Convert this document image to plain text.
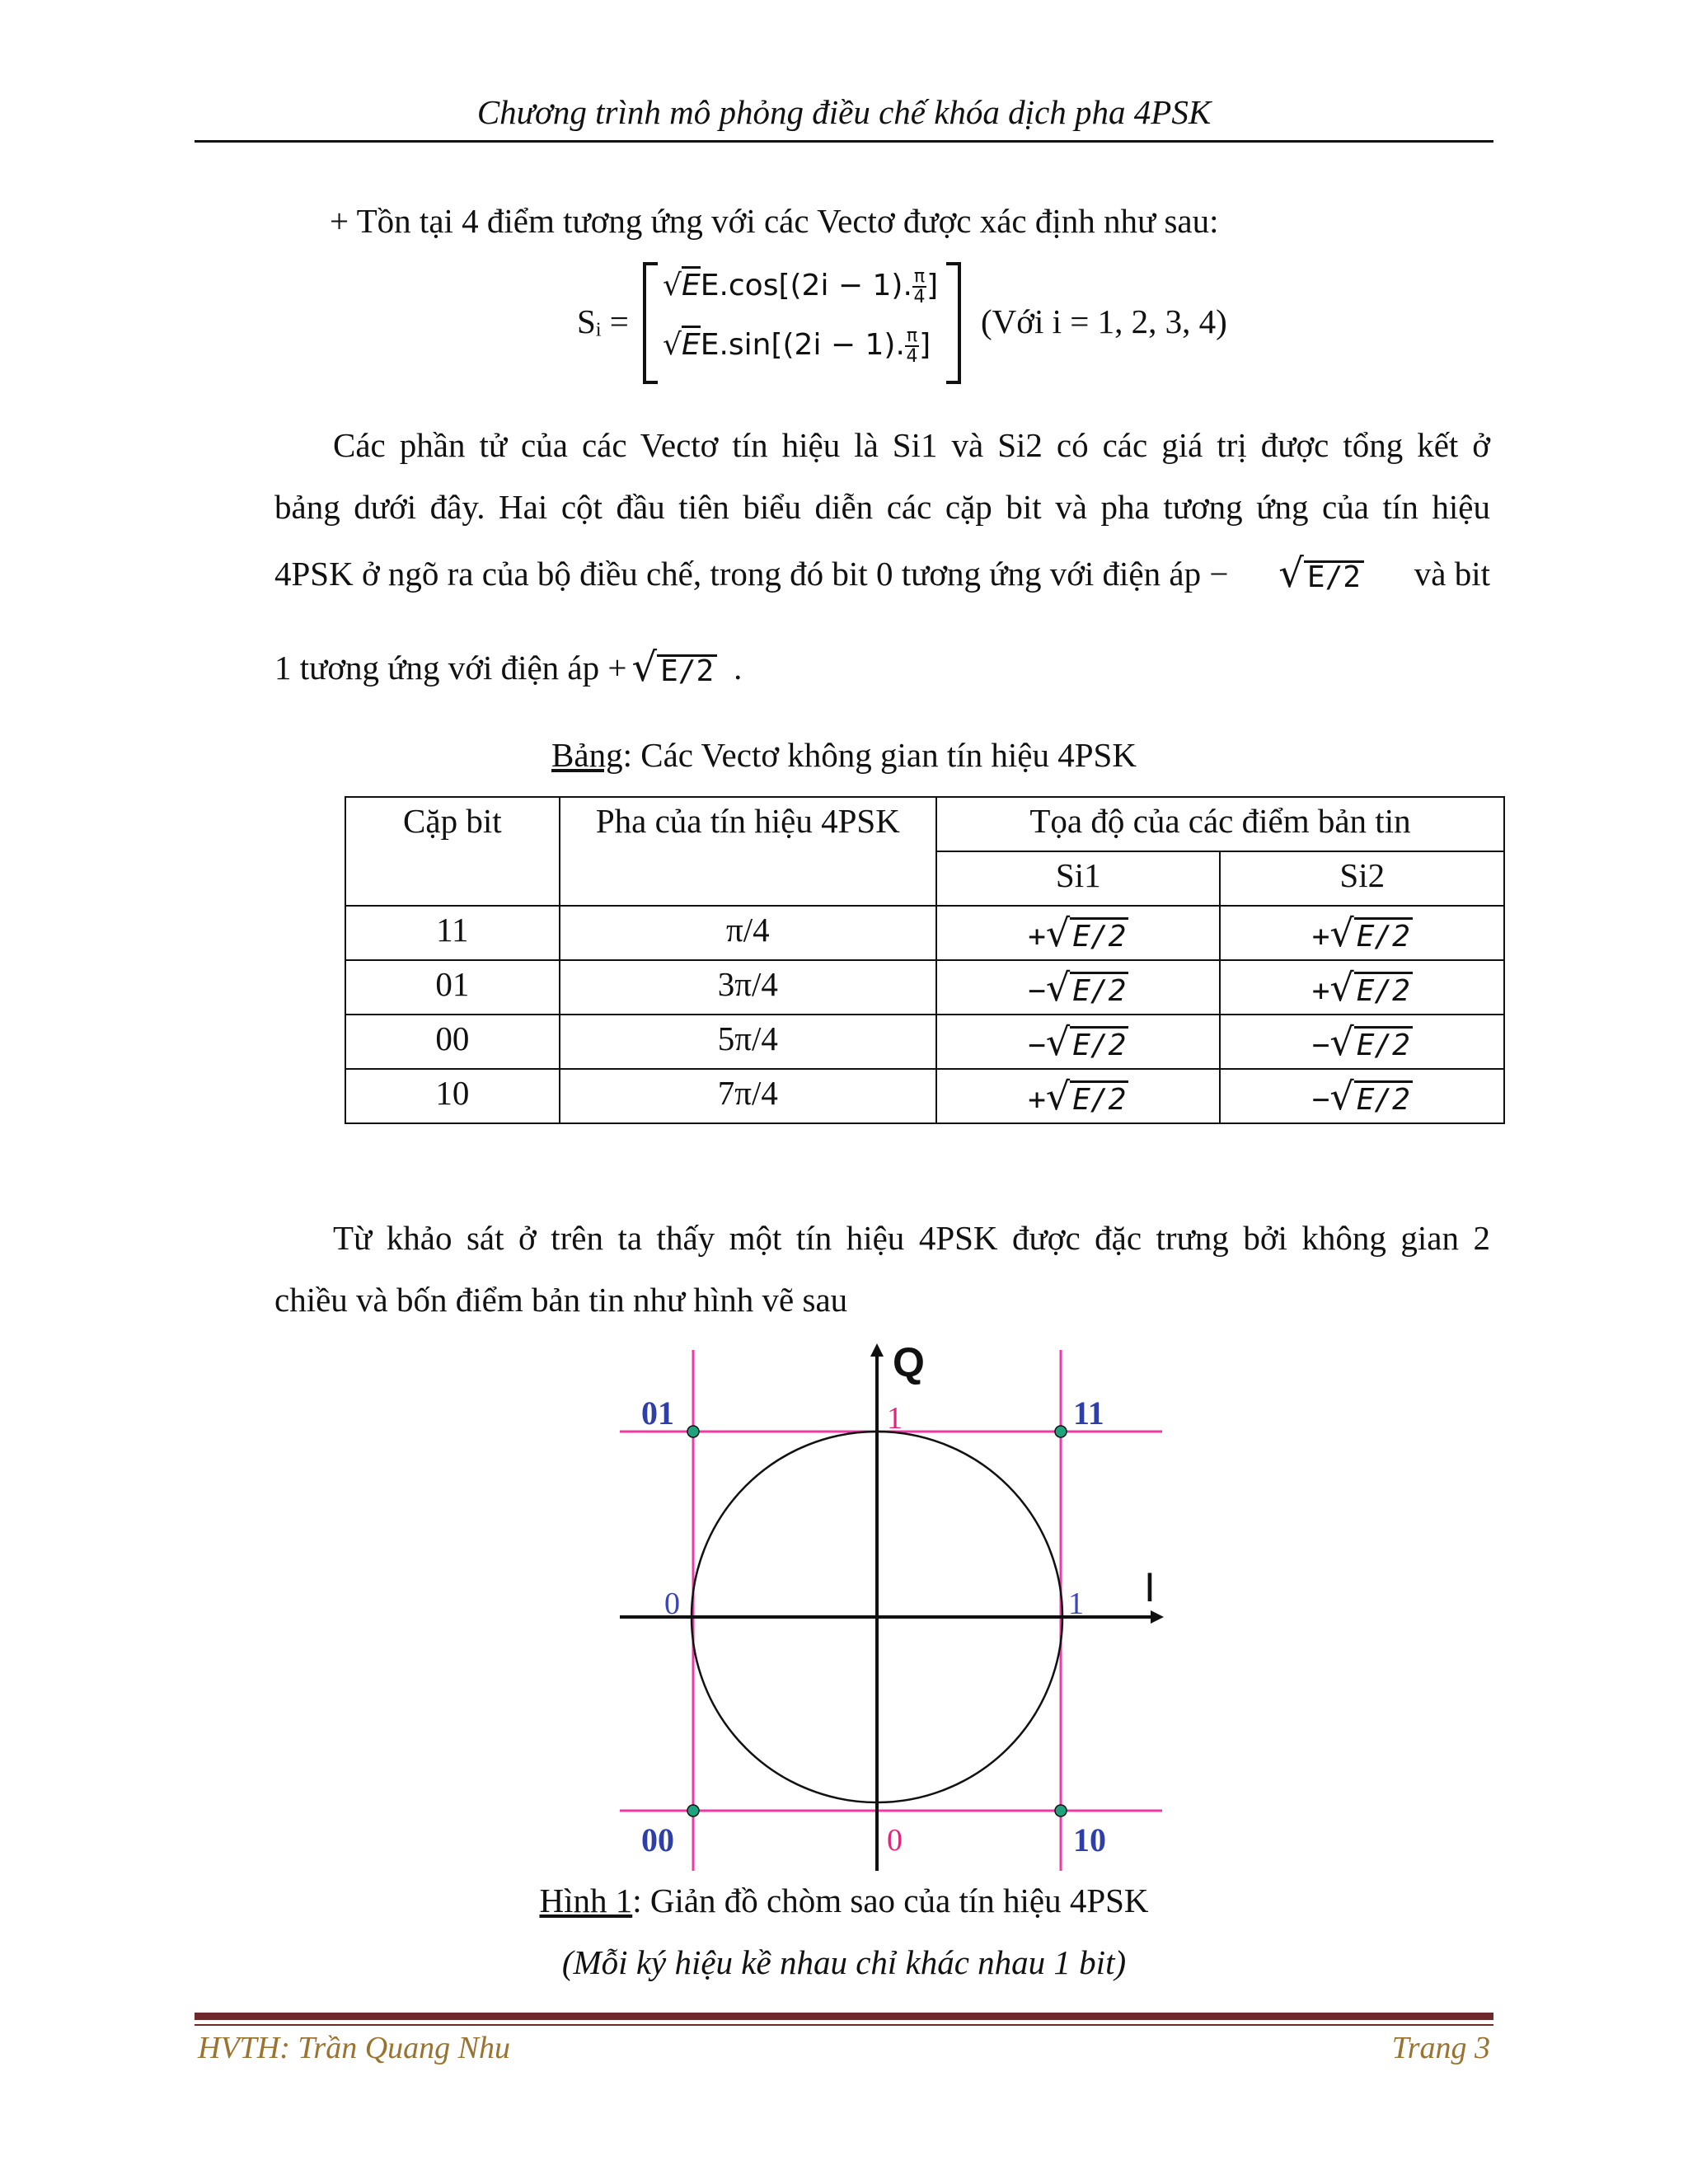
Chương trình mô phỏng điều chế khóa dịch pha 4PSK
+ Tồn tại 4 điểm tương ứng với các Vectơ được xác định như sau:
Sᵢ =
√EE.cos[(2i − 1). $\frac{\pi}{4}$]
√EE.sin[(2i − 1). $\frac{\pi}{4}$]
(Với i = 1, 2, 3, 4)
Các phần tử của các Vectơ tín hiệu là Si1 và Si2 có các giá trị được tổng kết ở
bảng dưới đây. Hai cột đầu tiên biểu diễn các cặp bit và pha tương ứng của tín hiệu
4PSK ở ngõ ra của bộ điều chế, trong đó bit 0 tương ứng với điện áp − √ E/2 và bit
1 tương ứng với điện áp + √ E/2 .
Bảng: Các Vectơ không gian tín hiệu 4PSK
Cặp bit	Pha của tín hiệu 4PSK	Tọa độ của các điểm bản tin	
		Si1	Si2
11	π/4	+√E/2	+√E/2
01	3π/4	−√E/2	+√E/2
00	5π/4	−√E/2	−√E/2
10	7π/4	+√E/2	−√E/2
Từ khảo sát ở trên ta thấy một tín hiệu 4PSK được đặc trưng bởi không gian 2
chiều và bốn điểm bản tin như hình vẽ sau
Q
I
1
0
0	1
01	11
00	10
Hình 1: Giản đồ chòm sao của tín hiệu 4PSK
(Mỗi ký hiệu kề nhau chỉ khác nhau 1 bit)
HVTH: Trần Quang Nhu	Trang 3
